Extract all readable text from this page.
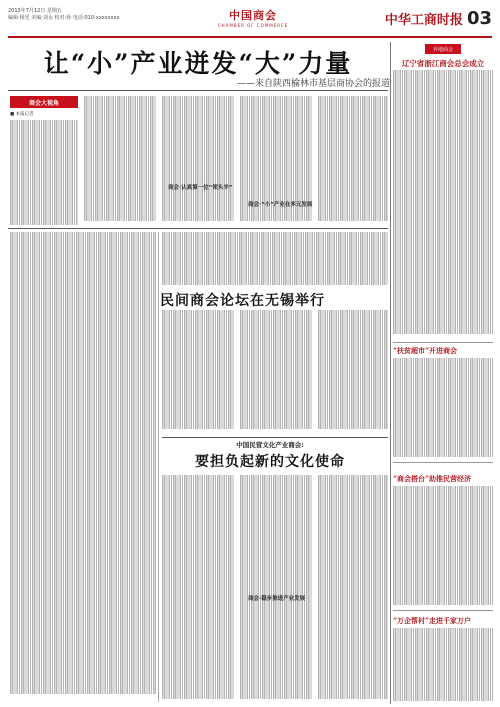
2013年7月12日 星期五
编辑:杨光 美编:刘永 校对:孙 电话:010-xxxxxxxx	中国商会
CHAMBER OF COMMERCE	中华工商时报 03
让“小”产业迸发“大”力量
——来自陕西榆林市基层商协会的报道
商会大视角
■ 本报记者
商会·认真第一位“领头羊”
商会·“小”产业在多元发展
民间商会论坛在无锡举行
中国民营文化产业商会:
要担负起新的文化使命
商会·稳步推进产业发展
异地商会
辽宁省浙江商会总会成立
“扶贫超市”开进商会
“商会搭台”助推民营经济
“万企帮村”走进千家万户
